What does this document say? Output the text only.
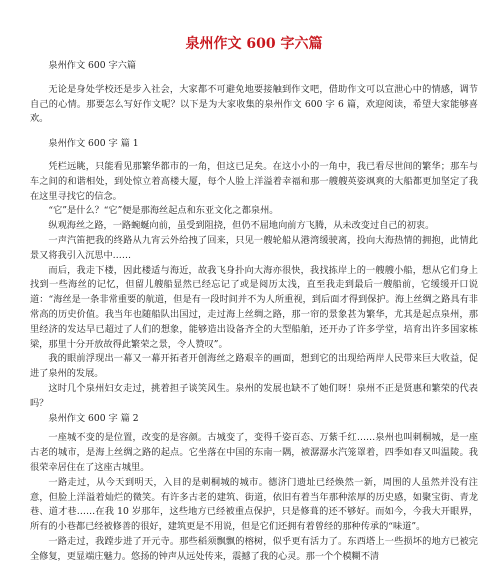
泉州作文 600 字六篇

泉州作文 600 字六篇

无论是身处学校还是步入社会，大家都不可避免地要接触到作文吧，借助作文可以宣泄心中的情感，调节自己的心情。那要怎么写好作文呢？以下是为大家收集的泉州作文 600 字 6 篇，欢迎阅读，希望大家能够喜欢。

泉州作文 600 字 篇 1

凭栏远眺，只能看见那繁华都市的一角，但这已足矣。在这小小的一角中，我已看尽世间的繁华；那车与车之间的和谐相处，到处惊立着高楼大厦，每个人脸上洋溢着幸福和那一艘艘英姿飒爽的大船都更加坚定了我在这里寻找它的信念。

“它”是什么？“它”便是那海丝起点和东亚文化之都泉州。

纵观海丝之路，一路蜿蜒向前，虽受到阻挠，但仍不屈地向前方飞腾，从未改变过自己的初衷。

一声汽笛把我的终路从九宵云外给拽了回来，只见一艘轮船从港湾缓驶离，投向大海热情的拥抱，此情此景又将我引入沉思中……

而后，我走下楼，因此楼适与海近，故我飞身扑向大海亦很快，我找拣岸上的一艘艘小船，想从它们身上找到一些海丝的记忆，但留儿艘船显然已经忘记了或是阅历太浅，直至我走到最后一艘船前，它缓缓开口说道：“海丝是一条非常重要的航道，但是有一段时间并不为人所重视，到后面才得到保护。海上丝绸之路具有非常高的历史价值。我当年也随船队出国过，走过海上丝绸之路，那一帘的景象甚为繁华，尤其是起点泉州，那里经济的发达早已超过了人们的想象，能够造出设备齐全的大型船舶，还开办了许多学堂，培育出许多国家栋梁，那里十分开放故得此繁荣之景，令人赞叹”。

我的眼前浮现出一幕又一幕开拓者开创海丝之路艰辛的画面，想到它的出现给两岸人民带来巨大收益，促进了泉州的发展。

这时几个泉州妇女走过，挑着担子谈笑风生。泉州的发展也缺不了她们呀！泉州不正是贤惠和繁荣的代表吗？

泉州作文 600 字 篇 2

一座城不变的是位置，改变的是容颜。古城变了，变得千姿百态、万紫千红……泉州也叫刺桐城，是一座古老的城市，是海上丝绸之路的起点。它坐落在中国的东南一隅，被潺潺水汽笼罩着，四季如春又叫温陵。我很荣幸居住在了这座古城里。

一路走过，从今天到明天，入目的是刺桐城的城市。德济门遗址已经焕然一新，周围的人虽然并没有注意，但脸上洋溢着灿烂的微笑。有许多古老的建筑、街道，依旧有着当年那种浓厚的历史感，如聚宝街、青龙巷、道才巷……在我 10 岁那年，这些地方已经被重点保护，只是修葺的还不够好。而如今，今我大开眼界，所有的小巷都已经被修善的很好，建筑更是不用说，但是它们还拥有着曾经的那种传承的“味道”。

一路走过，我蹚步进了开元寺。那些稻须飘飘的榕树，似乎更有活力了。东西塔上一些损坏的地方已被完全修复，更显端庄魅力。悠扬的钟声从远处传来，震撼了我的心灵。那一个个模糊不清
